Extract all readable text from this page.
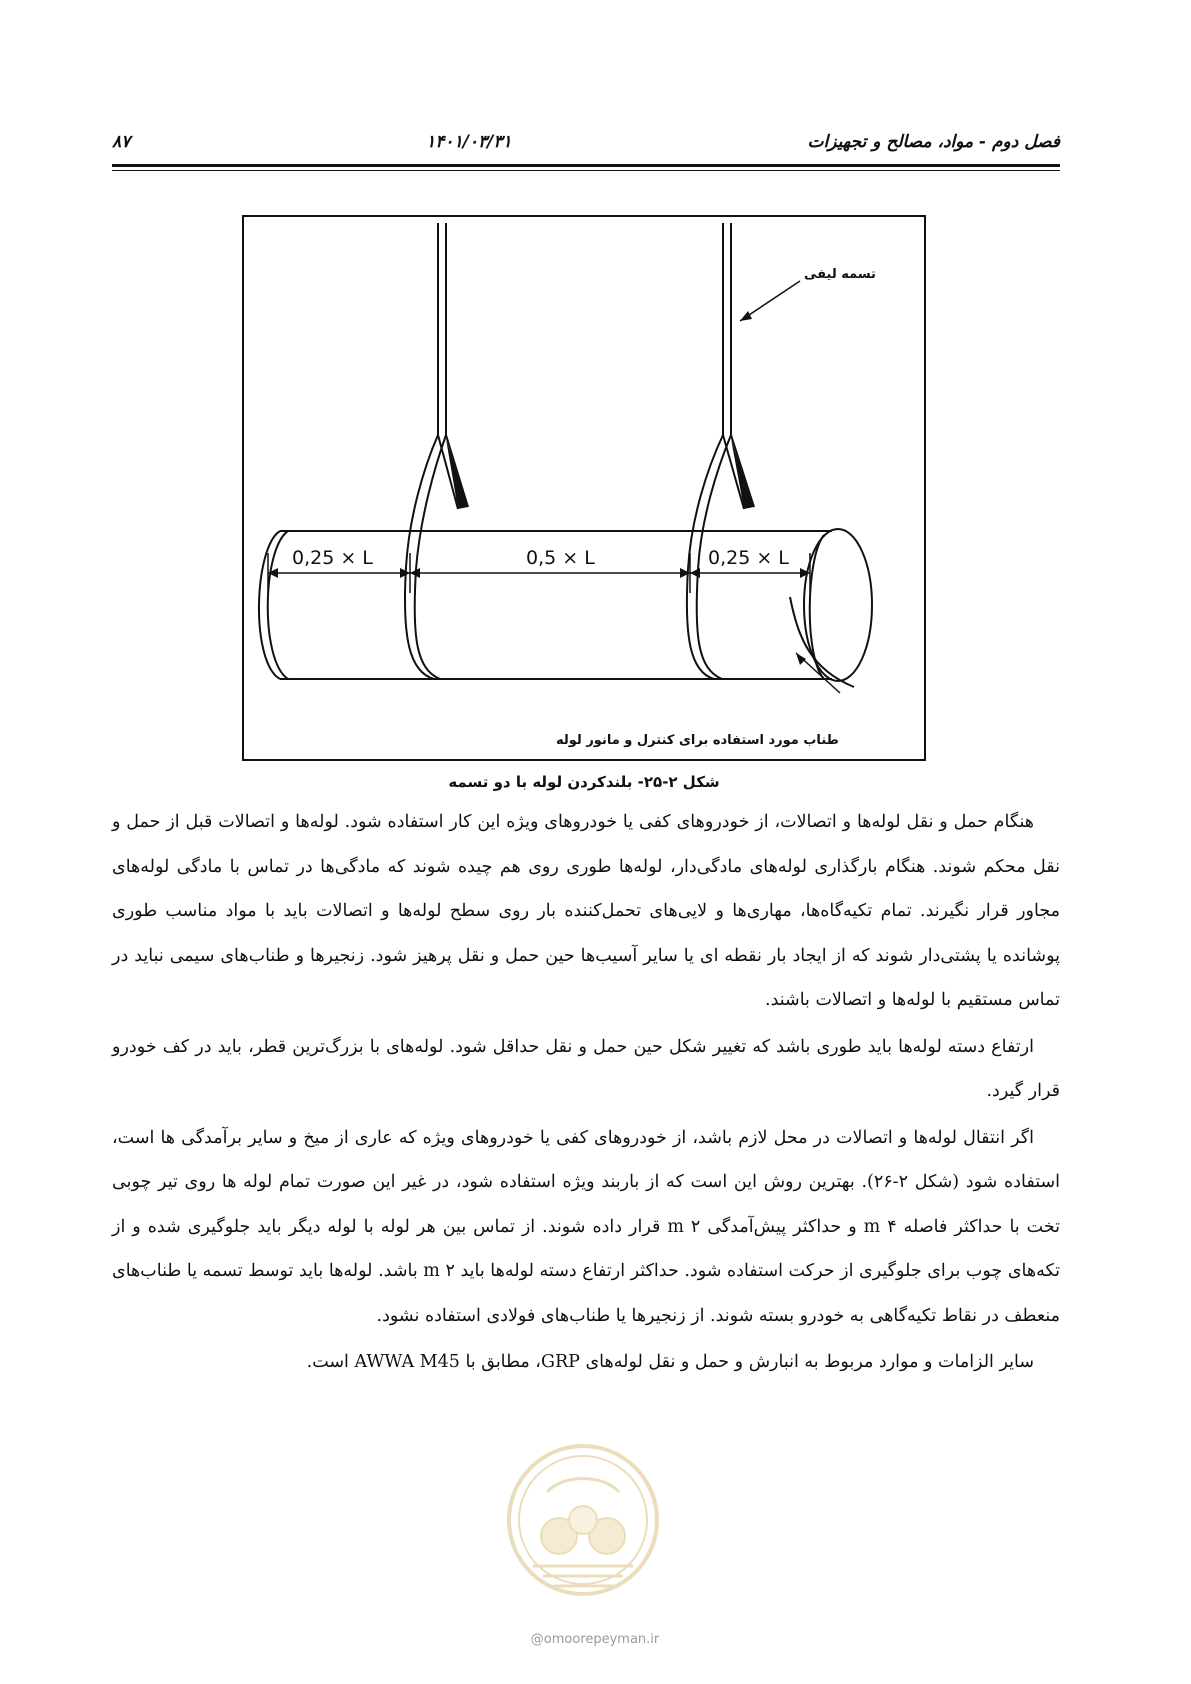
فصل دوم - مواد، مصالح و تجهیزات
۱۴۰۱/۰۳/۳۱
۸۷
0,25 × L	0,5 × L	0,25 × L
تسمه لیفی
طناب مورد استفاده برای کنترل و مانور لوله
شکل ۲-۲۵- بلندکردن لوله با دو تسمه

هنگام حمل و نقل لوله‌ها و اتصالات، از خودروهای کفی یا خودروهای ویژه این کار استفاده شود. لوله‌ها و اتصالات قبل از حمل و نقل محکم شوند. هنگام بارگذاری لوله‌های مادگی‌دار، لوله‌ها طوری روی هم چیده شوند که مادگی‌ها در تماس با مادگی لوله‌های مجاور قرار نگیرند. تمام تکیه‌گاه‌ها، مهاری‌ها و لایی‌های تحمل‌کننده بار روی سطح لوله‌ها و اتصالات باید با مواد مناسب طوری پوشانده یا پشتی‌دار شوند که از ایجاد بار نقطه ای یا سایر آسیب‌ها حین حمل و نقل پرهیز شود. زنجیرها و طناب‌های سیمی نباید در تماس مستقیم با لوله‌ها و اتصالات باشند.

ارتفاع دسته لوله‌ها باید طوری باشد که تغییر شکل حین حمل و نقل حداقل شود. لوله‌های با بزرگ‌ترین قطر، باید در کف خودرو قرار گیرد.

اگر انتقال لوله‌ها و اتصالات در محل لازم باشد، از خودروهای کفی یا خودروهای ویژه که عاری از میخ و سایر برآمدگی ها است، استفاده شود (شکل ۲-۲۶). بهترین روش این است که از باربند ویژه استفاده شود، در غیر این صورت تمام لوله ها روی تیر چوبی تخت با حداکثر فاصله m ۴ و حداکثر پیش‌آمدگی m ۲ قرار داده شوند. از تماس بین هر لوله با لوله دیگر باید جلوگیری شده و از تکه‌های چوب برای جلوگیری از حرکت استفاده شود. حداکثر ارتفاع دسته لوله‌ها باید m ۲ باشد. لوله‌ها باید توسط تسمه یا طناب‌های منعطف در نقاط تکیه‌گاهی به خودرو بسته شوند. از زنجیرها یا طناب‌های فولادی استفاده نشود.

سایر الزامات و موارد مربوط به انبارش و حمل و نقل لوله‌های GRP، مطابق با AWWA M45 است.

@omoorepeyman.ir
